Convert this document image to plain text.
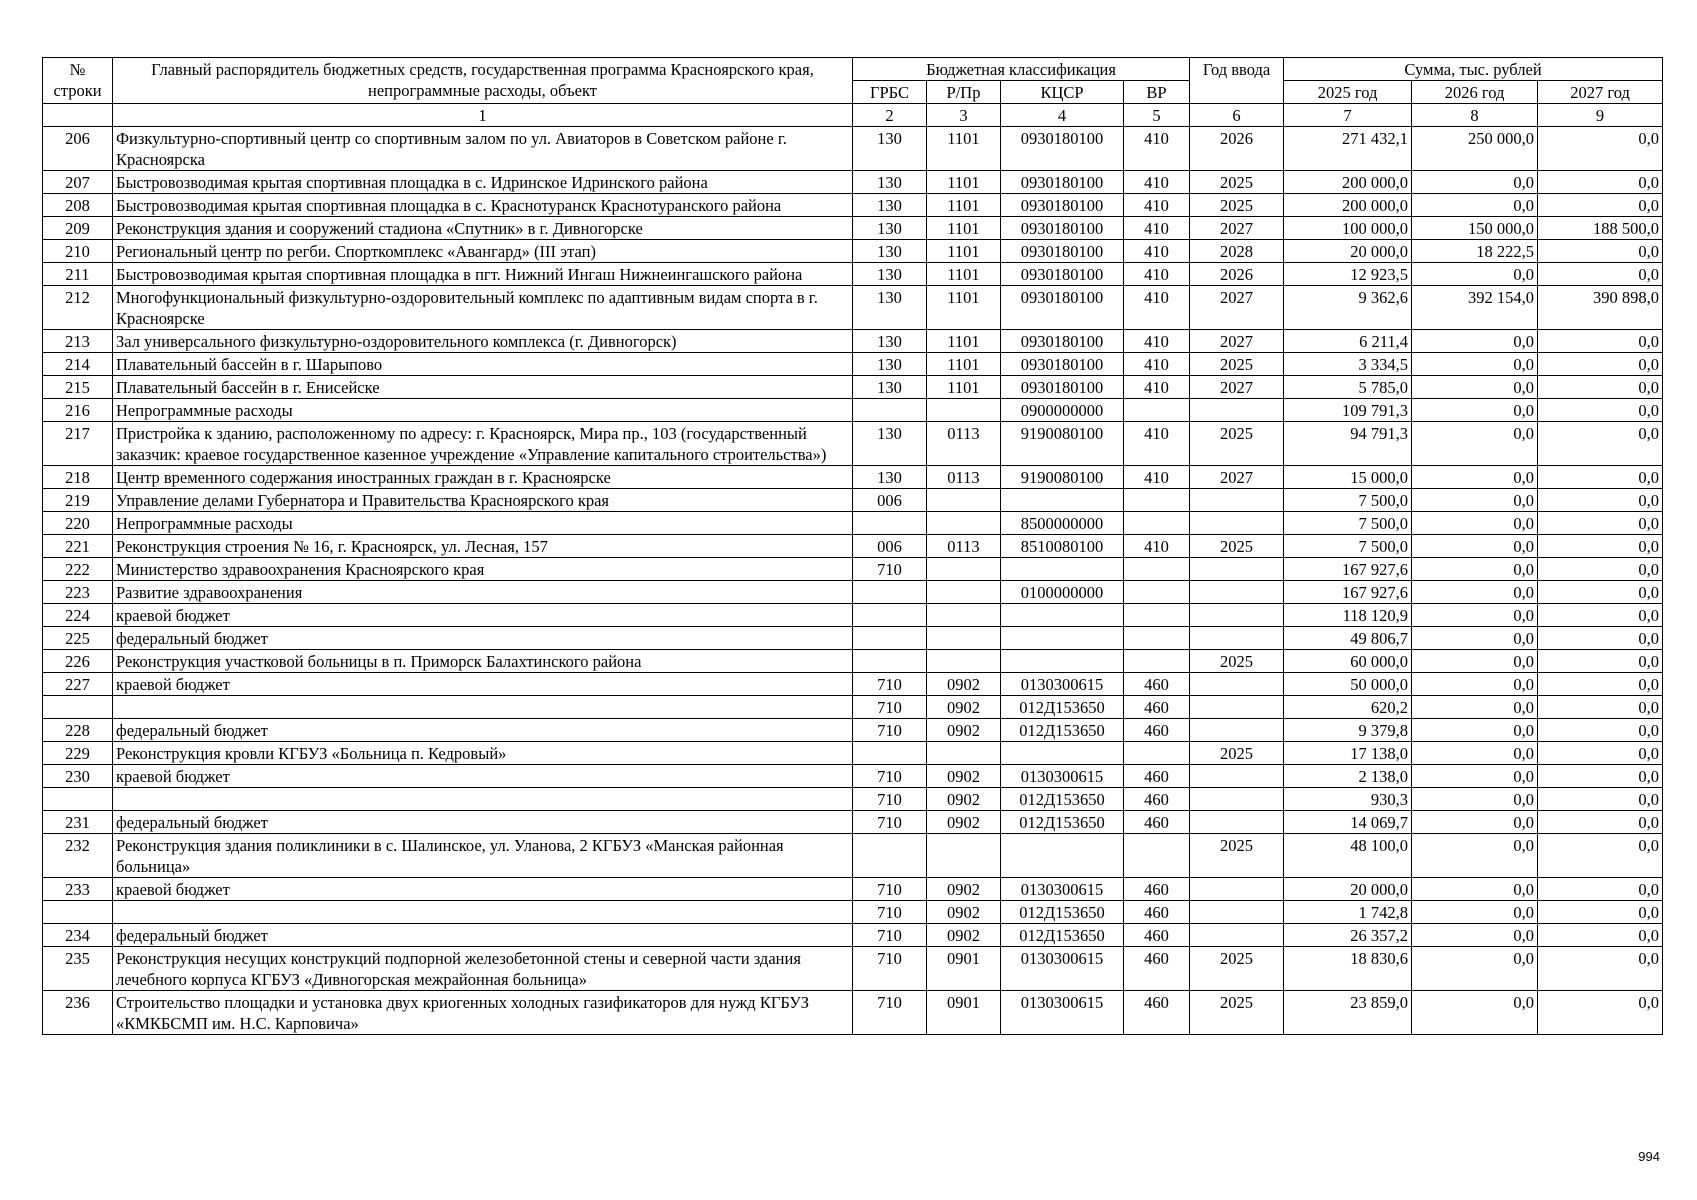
№
строки	Главный распорядитель бюджетных средств, государственная программа Красноярского края, непрограммные расходы, объект	Бюджетная классификация				Год ввода	Сумма, тыс. рублей		
		ГРБС	Р/Пр	КЦСР	ВР		2025 год	2026 год	2027 год
	1	2	3	4	5	6	7	8	9
206	Физкультурно-спортивный центр со спортивным залом по ул. Авиаторов в Советском районе г. Красноярска	130	1101	0930180100	410	2026	271 432,1	250 000,0	0,0
207	Быстровозводимая крытая спортивная площадка в с. Идринское Идринского района	130	1101	0930180100	410	2025	200 000,0	0,0	0,0
208	Быстровозводимая крытая спортивная площадка в с. Краснотуранск Краснотуранского района	130	1101	0930180100	410	2025	200 000,0	0,0	0,0
209	Реконструкция здания и сооружений стадиона «Спутник» в г. Дивногорске	130	1101	0930180100	410	2027	100 000,0	150 000,0	188 500,0
210	Региональный центр по регби. Спорткомплекс «Авангард» (III этап)	130	1101	0930180100	410	2028	20 000,0	18 222,5	0,0
211	Быстровозводимая крытая спортивная площадка в пгт. Нижний Ингаш Нижнеингашского района	130	1101	0930180100	410	2026	12 923,5	0,0	0,0
212	Многофункциональный физкультурно-оздоровительный комплекс по адаптивным видам спорта в г. Красноярске	130	1101	0930180100	410	2027	9 362,6	392 154,0	390 898,0
213	Зал универсального физкультурно-оздоровительного комплекса (г. Дивногорск)	130	1101	0930180100	410	2027	6 211,4	0,0	0,0
214	Плавательный бассейн в г. Шарыпово	130	1101	0930180100	410	2025	3 334,5	0,0	0,0
215	Плавательный бассейн в г. Енисейске	130	1101	0930180100	410	2027	5 785,0	0,0	0,0
216	Непрограммные расходы			0900000000			109 791,3	0,0	0,0
217	Пристройка к зданию, расположенному по адресу: г. Красноярск, Мира пр., 103 (государственный заказчик: краевое государственное казенное учреждение «Управление капитального строительства»)	130	0113	9190080100	410	2025	94 791,3	0,0	0,0
218	Центр временного содержания иностранных граждан в г. Красноярске	130	0113	9190080100	410	2027	15 000,0	0,0	0,0
219	Управление делами Губернатора и Правительства Красноярского края	006					7 500,0	0,0	0,0
220	Непрограммные расходы			8500000000			7 500,0	0,0	0,0
221	Реконструкция строения № 16, г. Красноярск, ул. Лесная, 157	006	0113	8510080100	410	2025	7 500,0	0,0	0,0
222	Министерство здравоохранения Красноярского края	710					167 927,6	0,0	0,0
223	Развитие здравоохранения			0100000000			167 927,6	0,0	0,0
224	краевой бюджет						118 120,9	0,0	0,0
225	федеральный бюджет						49 806,7	0,0	0,0
226	Реконструкция участковой больницы в п. Приморск Балахтинского района					2025	60 000,0	0,0	0,0
227	краевой бюджет	710	0902	0130300615	460		50 000,0	0,0	0,0
		710	0902	012Д153650	460		620,2	0,0	0,0
228	федеральный бюджет	710	0902	012Д153650	460		9 379,8	0,0	0,0
229	Реконструкция кровли КГБУЗ «Больница п. Кедровый»					2025	17 138,0	0,0	0,0
230	краевой бюджет	710	0902	0130300615	460		2 138,0	0,0	0,0
		710	0902	012Д153650	460		930,3	0,0	0,0
231	федеральный бюджет	710	0902	012Д153650	460		14 069,7	0,0	0,0
232	Реконструкция здания поликлиники в с. Шалинское, ул. Уланова, 2 КГБУЗ «Манская районная больница»					2025	48 100,0	0,0	0,0
233	краевой бюджет	710	0902	0130300615	460		20 000,0	0,0	0,0
		710	0902	012Д153650	460		1 742,8	0,0	0,0
234	федеральный бюджет	710	0902	012Д153650	460		26 357,2	0,0	0,0
235	Реконструкция несущих конструкций подпорной железобетонной стены и северной части здания лечебного корпуса КГБУЗ «Дивногорская межрайонная больница»	710	0901	0130300615	460	2025	18 830,6	0,0	0,0
236	Строительство площадки и установка двух криогенных холодных газификаторов для нужд КГБУЗ «КМКБСМП им. Н.С. Карповича»	710	0901	0130300615	460	2025	23 859,0	0,0	0,0
994
